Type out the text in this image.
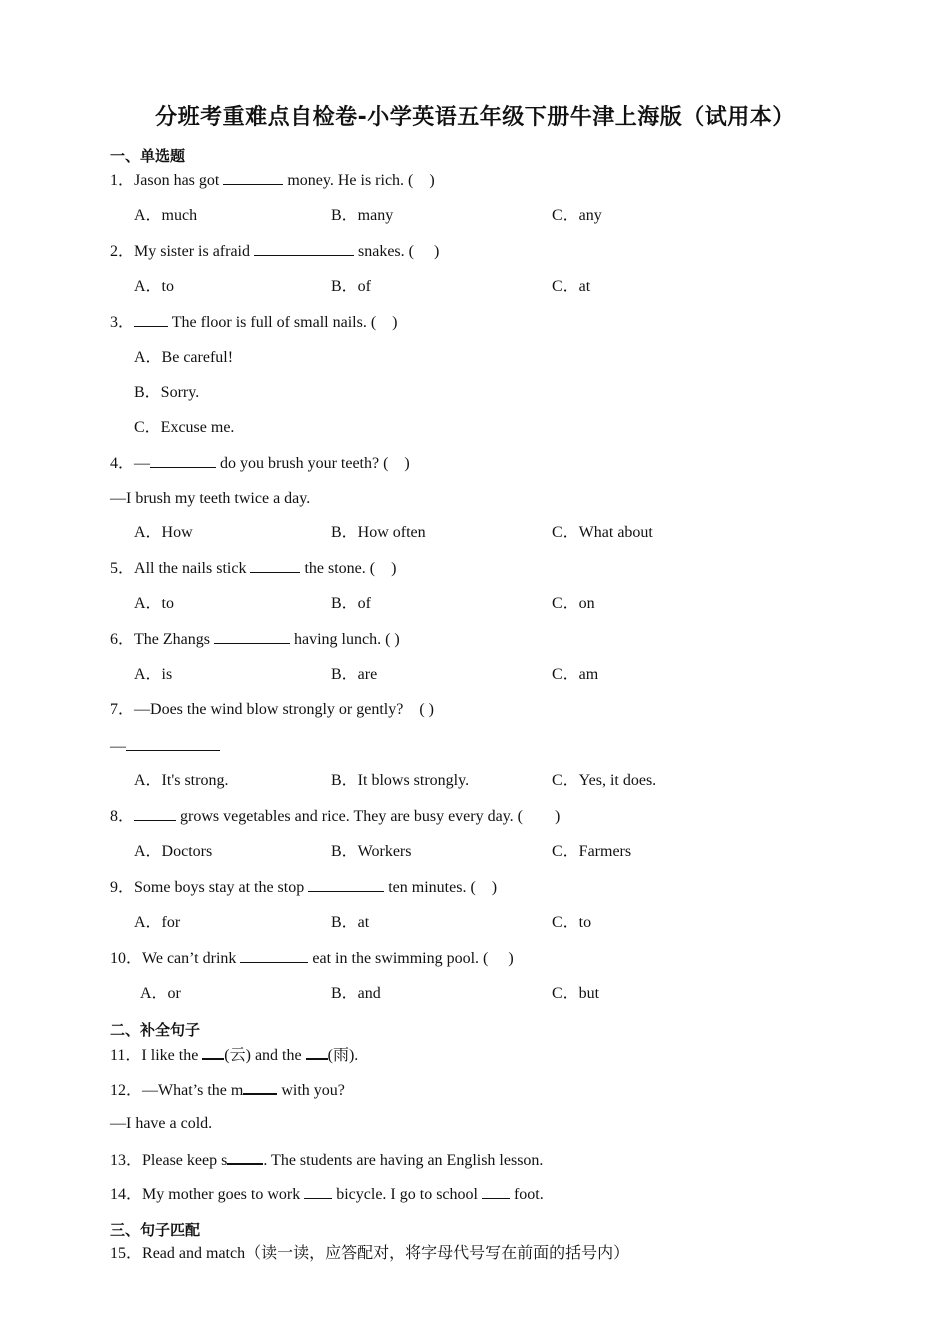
分班考重难点自检卷-小学英语五年级下册牛津上海版（试用本）
一、单选题
1．Jason has got	money. He is rich. (　)
A．much	B．many	C．any
2．My sister is afraid	snakes. (　 )
A．to	B．of	C．at
3． The floor is full of small nails. (　)
A．Be careful!
B．Sorry.
C．Excuse me.
4．—	do you brush your teeth? (　)
—I brush my teeth twice a day.
A．How	B．How often	C．What about
5．All the nails stick	the stone. (　)
A．to	B．of	C．on
6．The Zhangs	having lunch. ( )
A．is	B．are	C．am
7．—Does the wind blow strongly or gently?　( )
—
A．It's strong.	B．It blows strongly.	C．Yes, it does.
8．	grows vegetables and rice. They are busy every day. (　　)
A．Doctors	B．Workers	C．Farmers
9．Some boys stay at the stop	ten minutes. (　)
A．for	B．at	C．to
10．We can’t drink	eat in the swimming pool. (　 )
A．or	B．and	C．but
二、补全句子
11．I like the (云) and the (雨).
12．—What’s the m with you?
—I have a cold.
13．Please keep s . The students are having an English lesson.
14．My mother goes to work bicycle. I go to school foot.
三、句子匹配
15．Read and match（读一读，应答配对，将字母代号写在前面的括号内）
